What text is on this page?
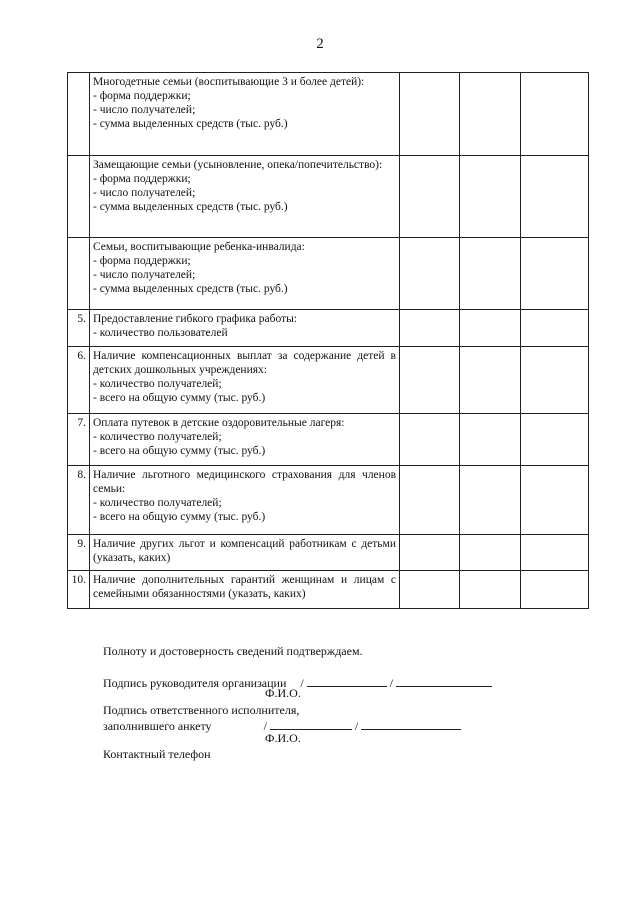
2

	Многодетные семьи (воспитывающие 3 и более детей):
- форма поддержки;
- число получателей;
- сумма выделенных средств (тыс. руб.)			

	Замещающие семьи (усыновление, опека/попечительство):
- форма поддержки;
- число получателей;
- сумма выделенных средств (тыс. руб.)			

	Семьи, воспитывающие ребенка-инвалида:
- форма поддержки;
- число получателей;
- сумма выделенных средств (тыс. руб.)			

5.	Предоставление гибкого графика работы:
- количество пользователей			

6.	Наличие компенсационных выплат за содержание детей в детских дошкольных учреждениях:
- количество получателей;
- всего на общую сумму (тыс. руб.)			

7.	Оплата путевок в детские оздоровительные лагеря:
- количество получателей;
- всего на общую сумму (тыс. руб.)			

8.	Наличие льготного медицинского страхования для членов семьи:
- количество получателей;
- всего на общую сумму (тыс. руб.)			

9.	Наличие других льгот и компенсаций работникам с детьми (указать, каких)			

10.	Наличие дополнительных гарантий женщинам и лицам с семейными обязанностями (указать, каких)			

Полноту и достоверность сведений подтверждаем.
Подпись руководителя организации /	/
Ф.И.О.
Подпись ответственного исполнителя,
заполнившего анкету	/	/
Ф.И.О.
Контактный телефон
